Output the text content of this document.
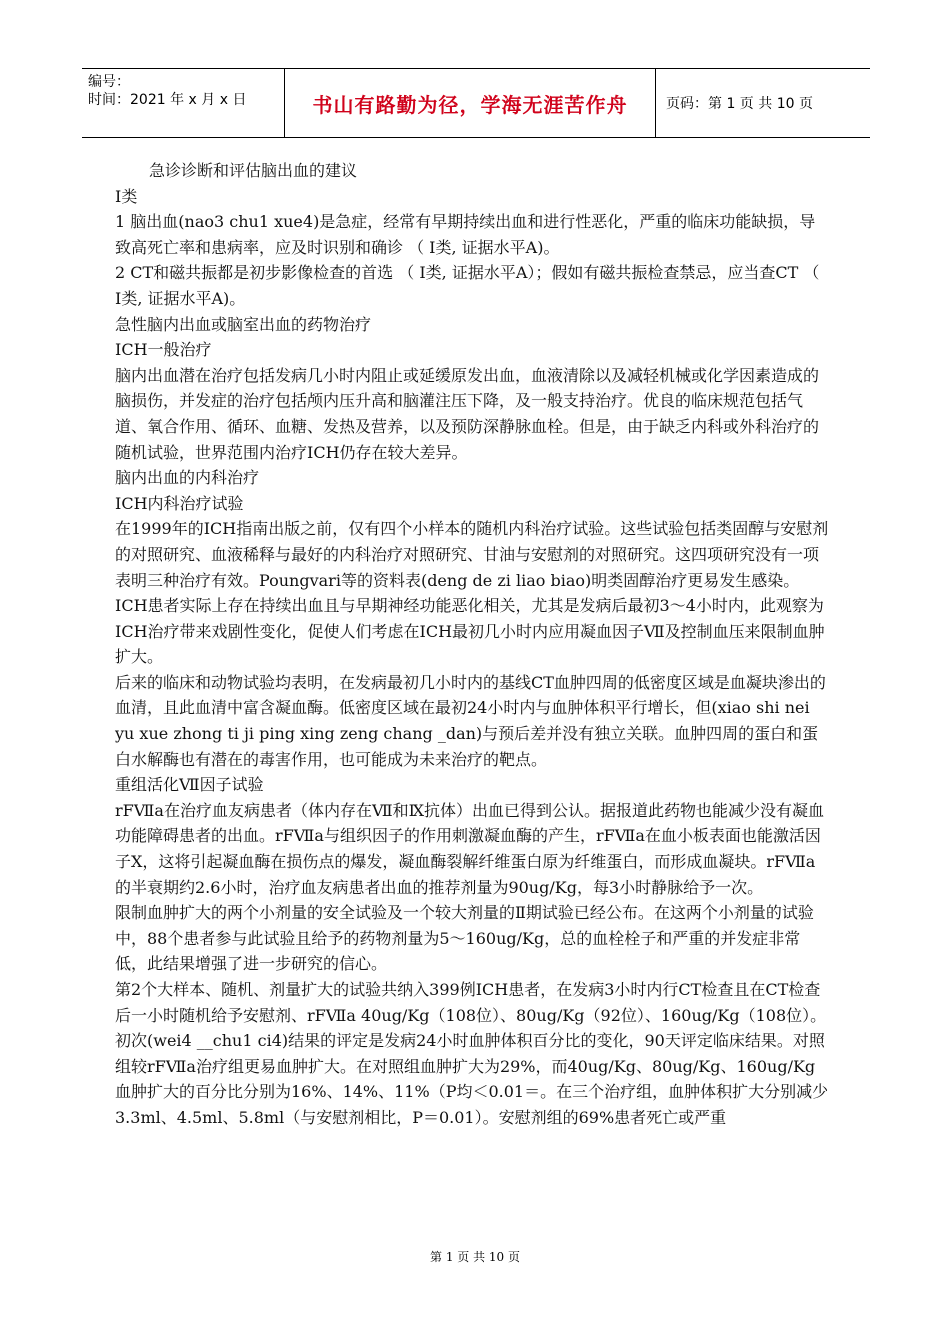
编号：
时间：2021 年 x 月 x 日	书山有路勤为径，学海无涯苦作舟	页码：第 1 页 共 10 页

急诊诊断和评估脑出血的建议

Ⅰ类

1 脑出血(nao3 chu1 xue4)是急症，经常有早期持续出血和进行性恶化，严重的临床功能缺损，导致高死亡率和患病率，应及时识别和确诊 （ Ⅰ类, 证据水平A)。

2 CT和磁共振都是初步影像检查的首选 （ Ⅰ类, 证据水平A）；假如有磁共振检查禁忌，应当查CT （ Ⅰ类, 证据水平A)。

急性脑内出血或脑室出血的药物治疗

ICH一般治疗

脑内出血潜在治疗包括发病几小时内阻止或延缓原发出血，血液清除以及减轻机械或化学因素造成的脑损伤，并发症的治疗包括颅内压升高和脑灌注压下降，及一般支持治疗。优良的临床规范包括气道、氧合作用、循环、血糖、发热及营养，以及预防深静脉血栓。但是，由于缺乏内科或外科治疗的随机试验，世界范围内治疗ICH仍存在较大差异。

脑内出血的内科治疗

ICH内科治疗试验

在1999年的ICH指南出版之前，仅有四个小样本的随机内科治疗试验。这些试验包括类固醇与安慰剂的对照研究、血液稀释与最好的内科治疗对照研究、甘油与安慰剂的对照研究。这四项研究没有一项表明三种治疗有效。Poungvari等的资料表(deng de zi liao biao)明类固醇治疗更易发生感染。

ICH患者实际上存在持续出血且与早期神经功能恶化相关，尤其是发病后最初3～4小时内，此观察为ICH治疗带来戏剧性变化，促使人们考虑在ICH最初几小时内应用凝血因子Ⅶ及控制血压来限制血肿扩大。

后来的临床和动物试验均表明，在发病最初几小时内的基线CT血肿四周的低密度区域是血凝块渗出的血清，且此血清中富含凝血酶。低密度区域在最初24小时内与血肿体积平行增长，但(xiao shi nei yu xue zhong ti ji ping xing zeng chang _dan)与预后差并没有独立关联。血肿四周的蛋白和蛋白水解酶也有潜在的毒害作用，也可能成为未来治疗的靶点。

重组活化Ⅶ因子试验

rFⅦa在治疗血友病患者（体内存在Ⅶ和Ⅸ抗体）出血已得到公认。据报道此药物也能减少没有凝血功能障碍患者的出血。rFⅦa与组织因子的作用刺激凝血酶的产生，rFⅦa在血小板表面也能激活因子Ⅹ，这将引起凝血酶在损伤点的爆发，凝血酶裂解纤维蛋白原为纤维蛋白，而形成血凝块。rFⅦa的半衰期约2.6小时，治疗血友病患者出血的推荐剂量为90ug/Kg，每3小时静脉给予一次。

限制血肿扩大的两个小剂量的安全试验及一个较大剂量的Ⅱ期试验已经公布。在这两个小剂量的试验中，88个患者参与此试验且给予的药物剂量为5～160ug/Kg，总的血栓栓子和严重的并发症非常低，此结果增强了进一步研究的信心。

第2个大样本、随机、剂量扩大的试验共纳入399例ICH患者，在发病3小时内行CT检查且在CT检查后一小时随机给予安慰剂、rFⅦa 40ug/Kg（108位）、80ug/Kg（92位）、160ug/Kg（108位）。初次(wei4 __chu1 ci4)结果的评定是发病24小时血肿体积百分比的变化，90天评定临床结果。对照组较rFⅦa治疗组更易血肿扩大。在对照组血肿扩大为29%，而40ug/Kg、80ug/Kg、160ug/Kg血肿扩大的百分比分别为16%、14%、11%（P均＜0.01＝。在三个治疗组，血肿体积扩大分别减少3.3ml、4.5ml、5.8ml（与安慰剂相比，P＝0.01）。安慰剂组的69%患者死亡或严重

第 1 页 共 10 页
